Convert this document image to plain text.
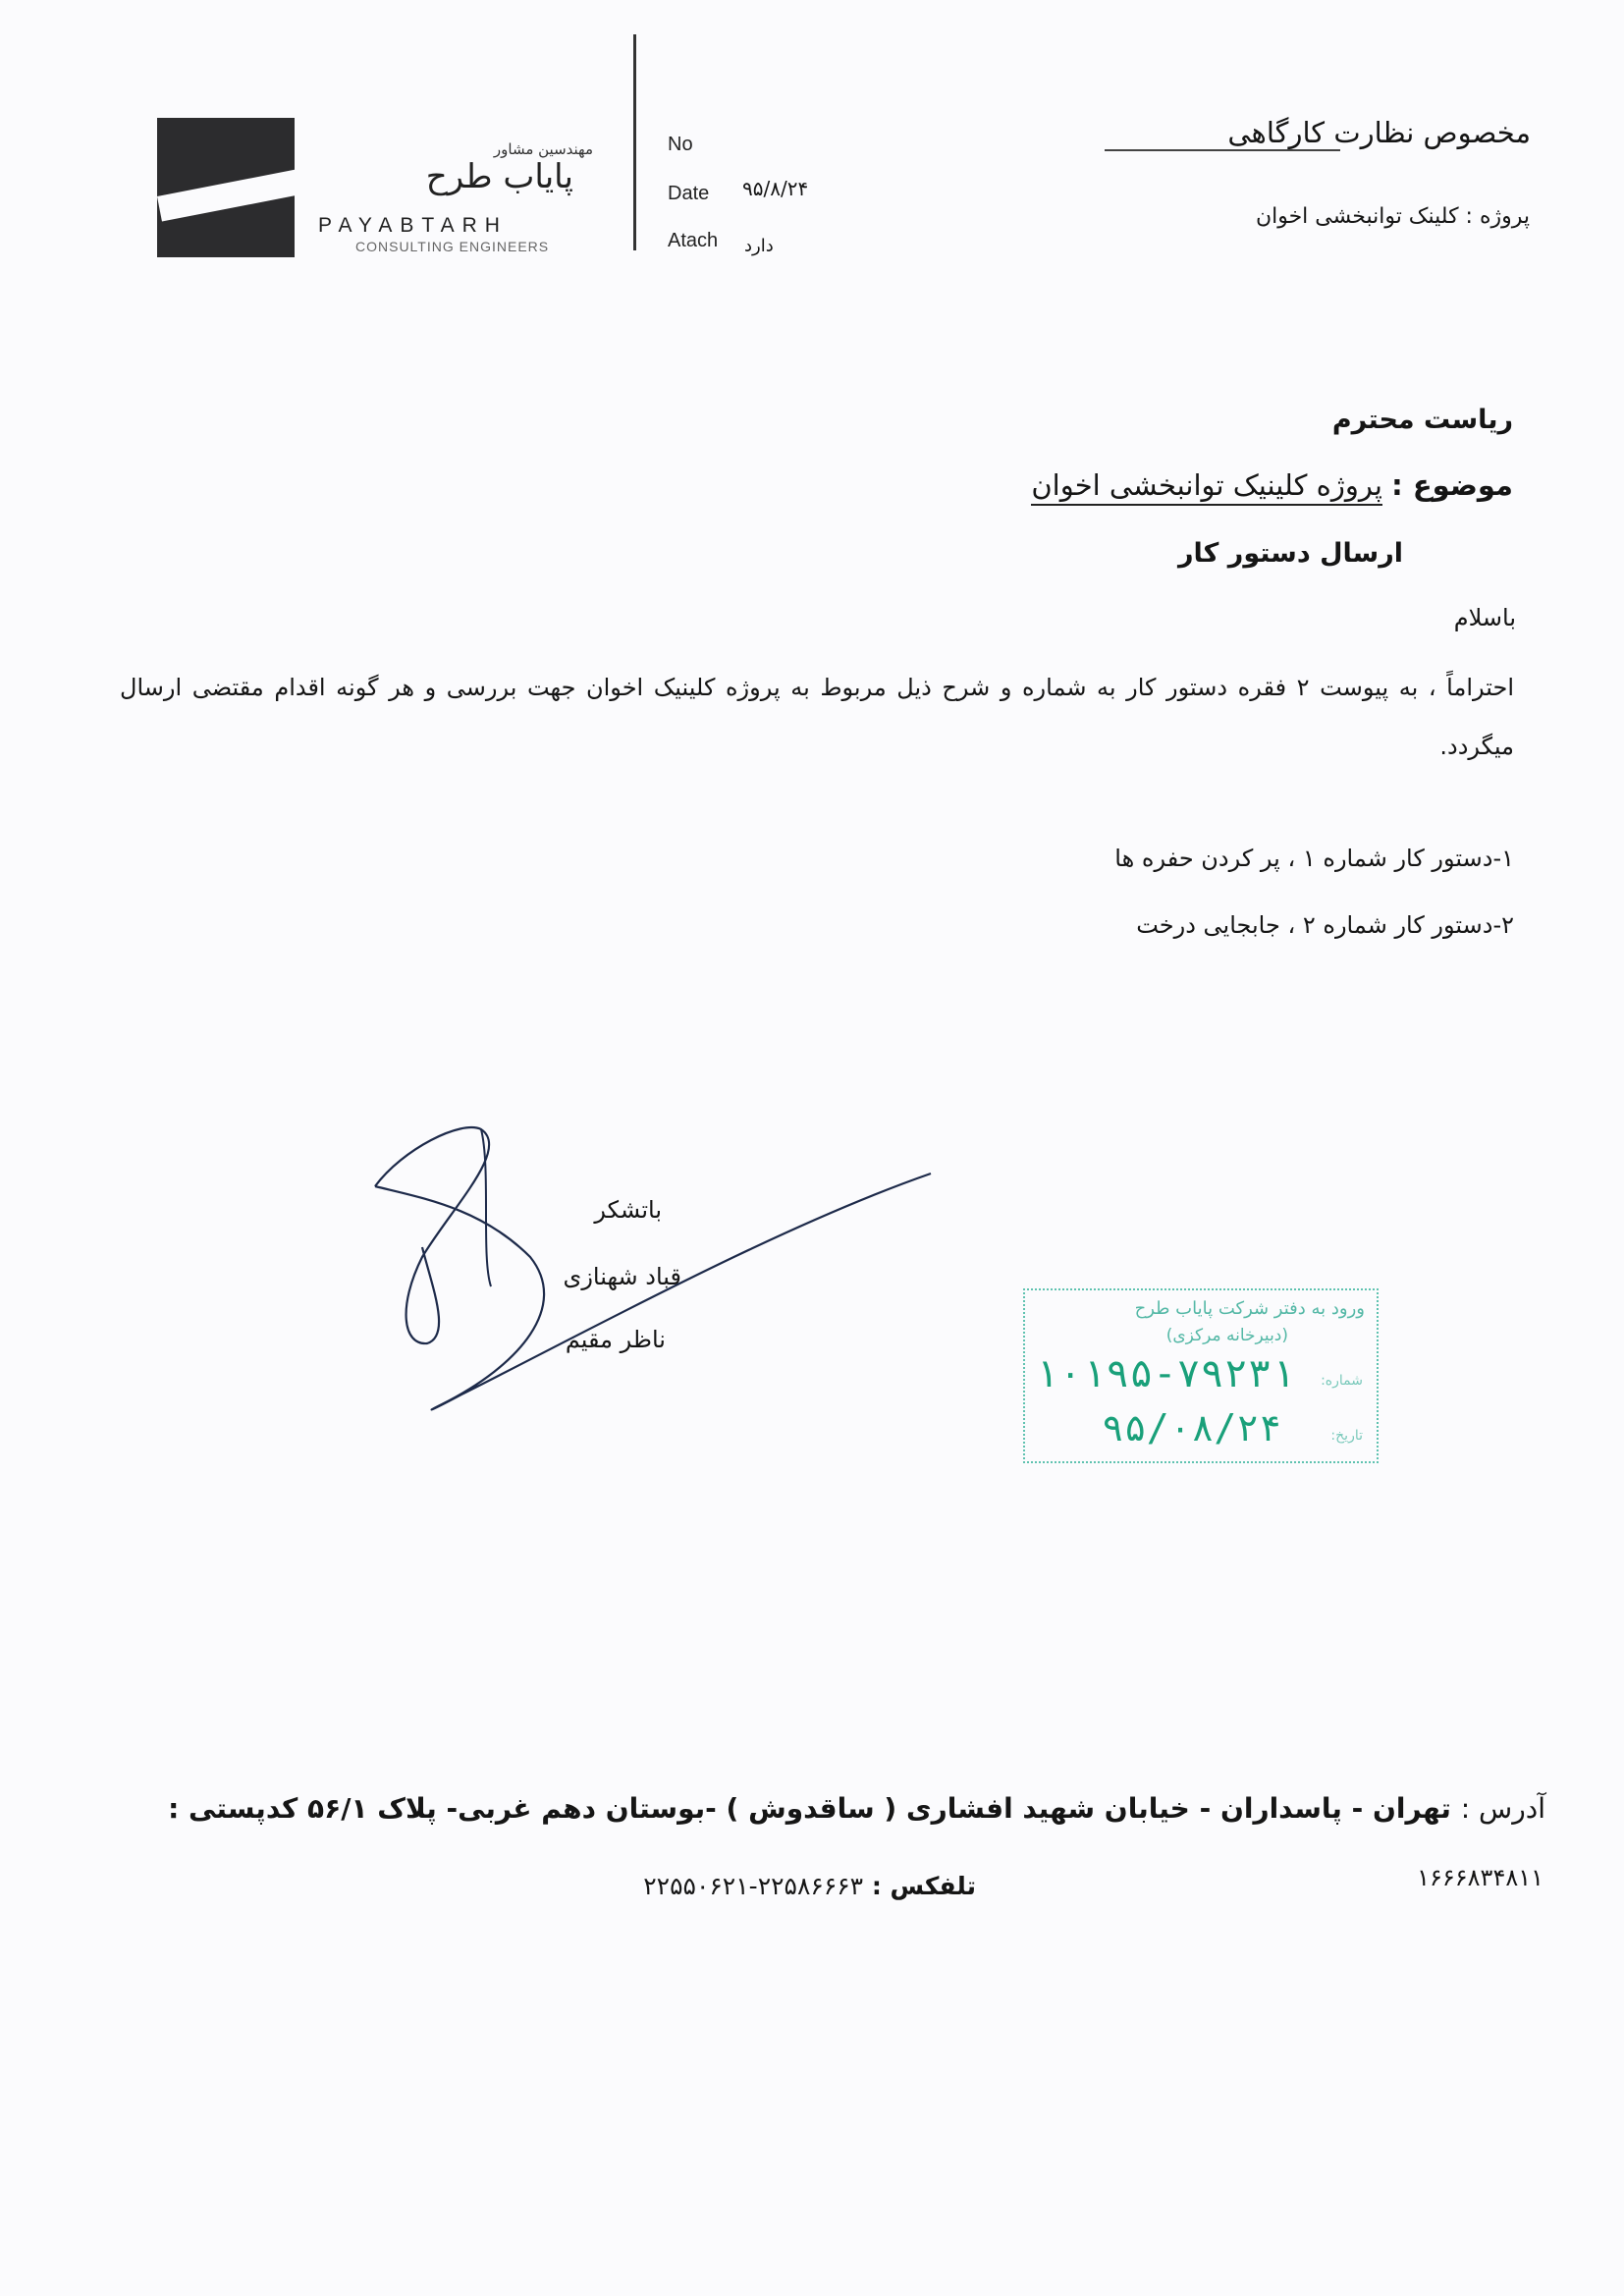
مهندسین مشاور
پایاب طرح
PAYABTARH
CONSULTING ENGINEERS
No
Date ۹۵/۸/۲۴
Atach دارد
مخصوص نظارت کارگاهی
پروژه : کلینک توانبخشی اخوان
ریاست محترم
موضوع : پروژه کلینیک توانبخشی اخوان
ارسال دستور کار
باسلام
احتراماً ، به پیوست ۲ فقره دستور کار به شماره و شرح ذیل مربوط به پروژه کلینیک اخوان جهت بررسی و هر گونه اقدام مقتضی ارسال میگردد.
۱-دستور کار شماره ۱ ، پر کردن حفره ها
۲-دستور کار شماره ۲ ، جابجایی درخت
باتشکر
قباد شهنازی
ناظر مقیم
ورود به دفتر شرکت پایاب طرح
(دبیرخانه مرکزی)
شماره:
۱۰۱۹۵-۷۹۲۳۱
تاریخ:
۹۵/۰۸/۲۴
آدرس : تهران - پاسداران - خیابان شهید افشاری ( ساقدوش ) -بوستان دهم غربی- پلاک ۵۶/۱ کدپستی :
۱۶۶۶۸۳۴۸۱۱
تلفکس : ۲۲۵۸۶۶۶۳-۲۲۵۵۰۶۲۱
